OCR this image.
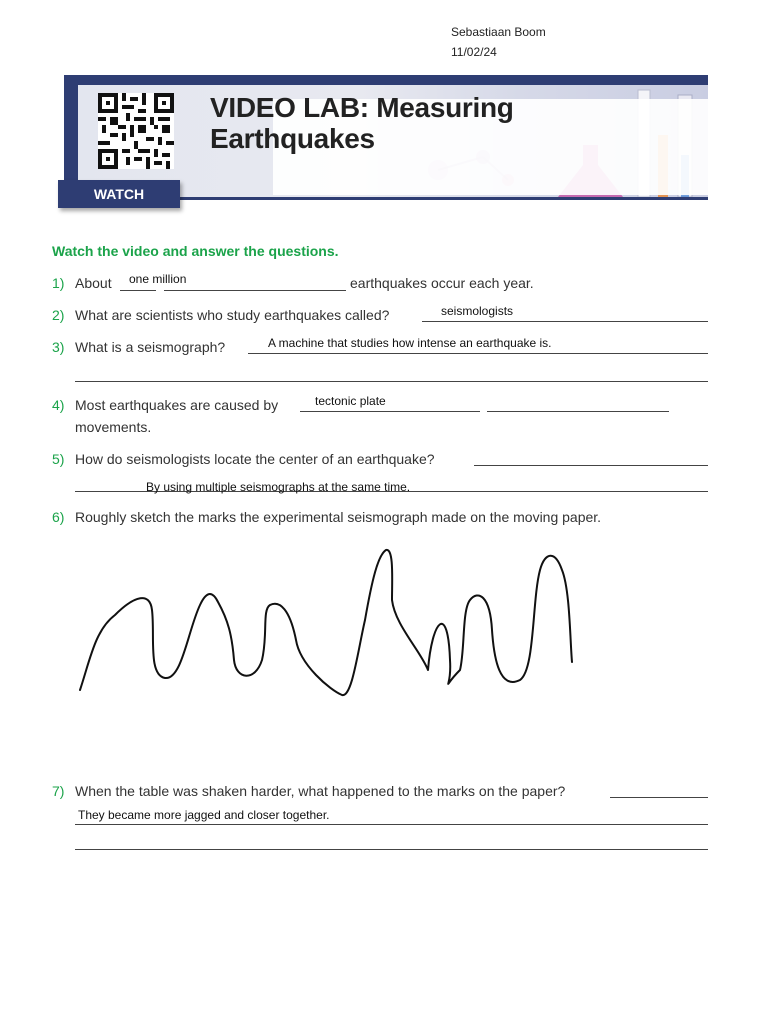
Sebastiaan Boom
11/02/24
VIDEO LAB: Measuring
Earthquakes
WATCH
Watch the video and answer the questions.
1) About one million	earthquakes occur each year.
2) What are scientists who study earthquakes called?	seismologists
3) What is a seismograph?	A machine that studies how intense an earthquake is.
4) Most earthquakes are caused by	tectonic plate
movements.
5) How do seismologists locate the center of an earthquake?
By using multiple seismographs at the same time.
6) Roughly sketch the marks the experimental seismograph made on the moving paper.
7) When the table was shaken harder, what happened to the marks on the paper?
They became more jagged and closer together.
